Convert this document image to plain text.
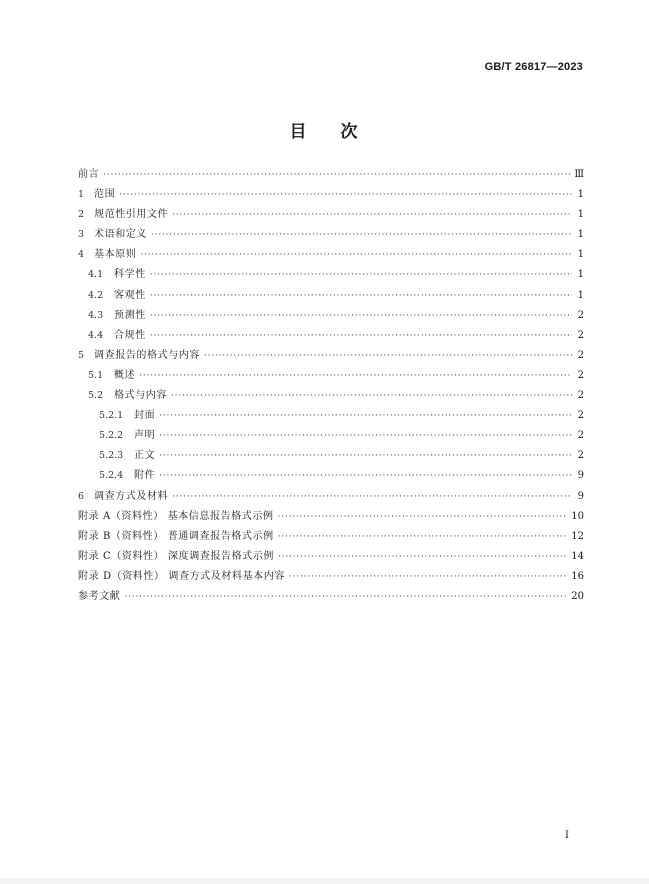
GB/T 26817—2023
目 次
前言 ·····	Ⅲ
1 范围 ·····	1
2 规范性引用文件 ·····	1
3 术语和定义 ·····	1
4 基本原则 ·····	1
4.1	科学性 ·····	1
4.2	客观性 ·····	1
4.3	预测性 ·····	2
4.4	合规性 ·····	2
5 调查报告的格式与内容 ·····	2
5.1	概述 ·····	2
5.2	格式与内容 ·····	2
5.2.1	封面 ·····	2
5.2.2	声明 ·····	2
5.2.3	正文 ·····	2
5.2.4	附件 ·····	9
6 调查方式及材料 ·····	9
附录 A（资料性） 基本信息报告格式示例 ·····	10
附录 B（资料性） 普通调查报告格式示例 ·····	12
附录 C（资料性） 深度调查报告格式示例 ·····	14
附录 D（资料性） 调查方式及材料基本内容 ·····	16
参考文献 ·····	20
I
